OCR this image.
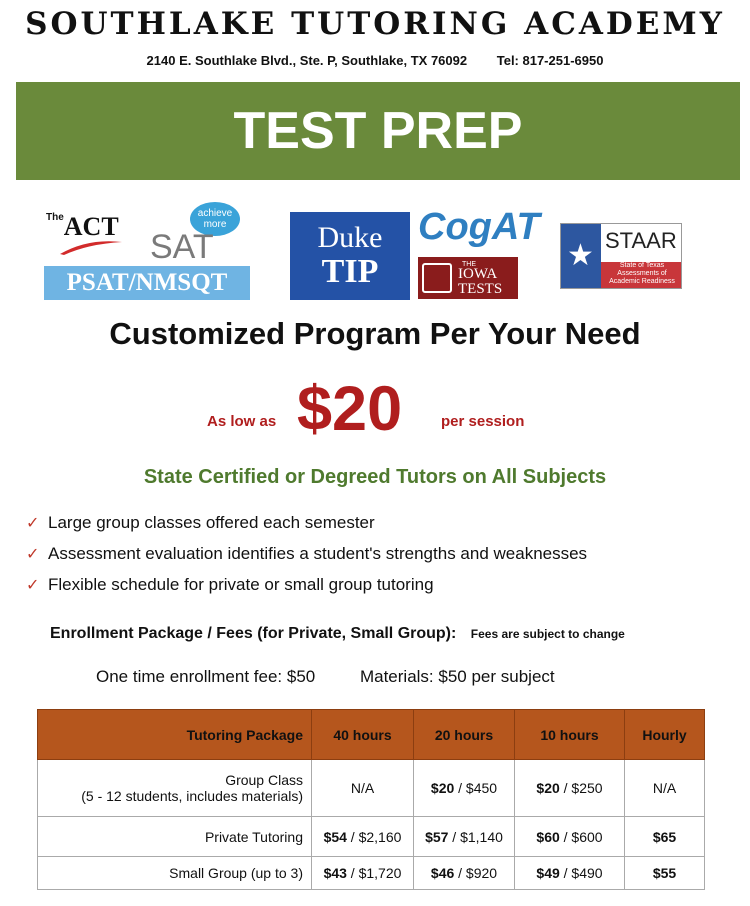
SOUTHLAKE TUTORING ACADEMY
2140 E. Southlake Blvd., Ste. P, Southlake, TX 76092 Tel: 817-251-6950
TEST PREP
$^{The}$ACT	achieve more
SAT
PSAT/NMSQT
Duke
TIP
CogAT
THE
IOWA TESTS
★ STAAR
State of Texas Assessments of Academic Readiness
Customized Program Per Your Need
As low as $20	per session
State Certified or Degreed Tutors on All Subjects
✓ Large group classes offered each semester
✓ Assessment evaluation identifies a student's strengths and weaknesses
✓ Flexible schedule for private or small group tutoring
Enrollment Package / Fees (for Private, Small Group): Fees are subject to change
One time enrollment fee: $50	Materials: $50 per subject
Tutoring Package	40 hours	20 hours	10 hours	Hourly
Group Class
(5 - 12 students, includes materials)	N/A	$20 / $450	$20 / $250	N/A
Private Tutoring	$54 / $2,160	$57 / $1,140	$60 / $600	$65
Small Group (up to 3)	$43 / $1,720	$46 / $920	$49 / $490	$55
